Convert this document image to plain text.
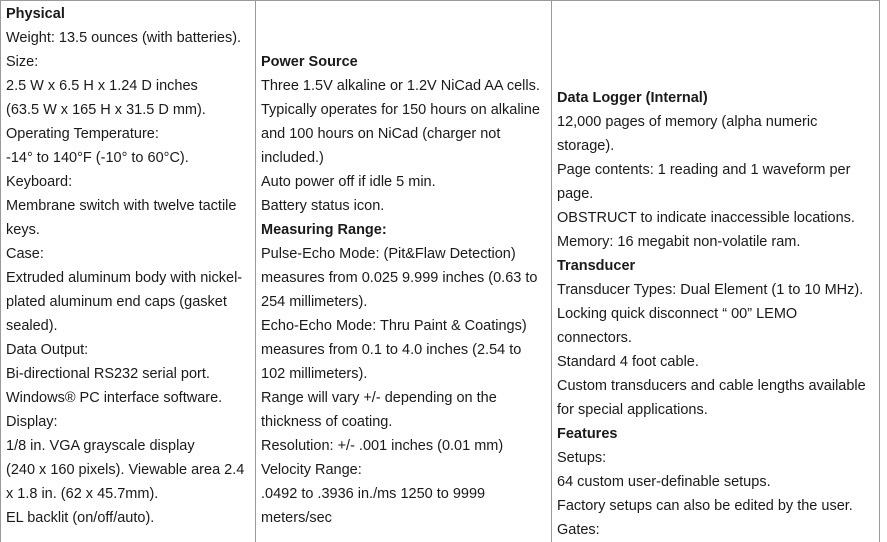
Physical
Weight: 13.5 ounces (with batteries).
Size:
2.5 W x 6.5 H x 1.24 D inches
(63.5 W x 165 H x 31.5 D mm).
Operating Temperature:
-14° to 140°F (-10° to 60°C).
Keyboard:
Membrane switch with twelve tactile
keys.
Case:
Extruded aluminum body with nickel-
plated aluminum end caps (gasket
sealed).
Data Output:
Bi-directional RS232 serial port.
Windows® PC interface software.
Display:
1/8 in. VGA grayscale display
(240 x 160 pixels). Viewable area 2.4
x 1.8 in. (62 x 45.7mm).
EL backlit (on/off/auto).

Power Source
Three 1.5V alkaline or 1.2V NiCad AA cells.
Typically operates for 150 hours on alkaline
and 100 hours on NiCad (charger not
included.)
Auto power off if idle 5 min.
Battery status icon.
Measuring Range:
Pulse-Echo Mode: (Pit&Flaw Detection)
measures from 0.025 9.999 inches (0.63 to
254 millimeters).
Echo-Echo Mode: Thru Paint & Coatings)
measures from 0.1 to 4.0 inches (2.54 to
102 millimeters).
Range will vary +/- depending on the
thickness of coating.
Resolution: +/- .001 inches (0.01 mm)
Velocity Range:
.0492 to .3936 in./ms 1250 to 9999
meters/sec

Data Logger (Internal)
12,000 pages of memory (alpha numeric
storage).
Page contents: 1 reading and 1 waveform per
page.
OBSTRUCT to indicate inaccessible locations.
Memory: 16 megabit non-volatile ram.
Transducer
Transducer Types: Dual Element (1 to 10 MHz).
Locking quick disconnect “ 00” LEMO
connectors.
Standard 4 foot cable.
Custom transducers and cable lengths available
for special applications.
Features
Setups:
64 custom user-definable setups.
Factory setups can also be edited by the user.
Gates:
